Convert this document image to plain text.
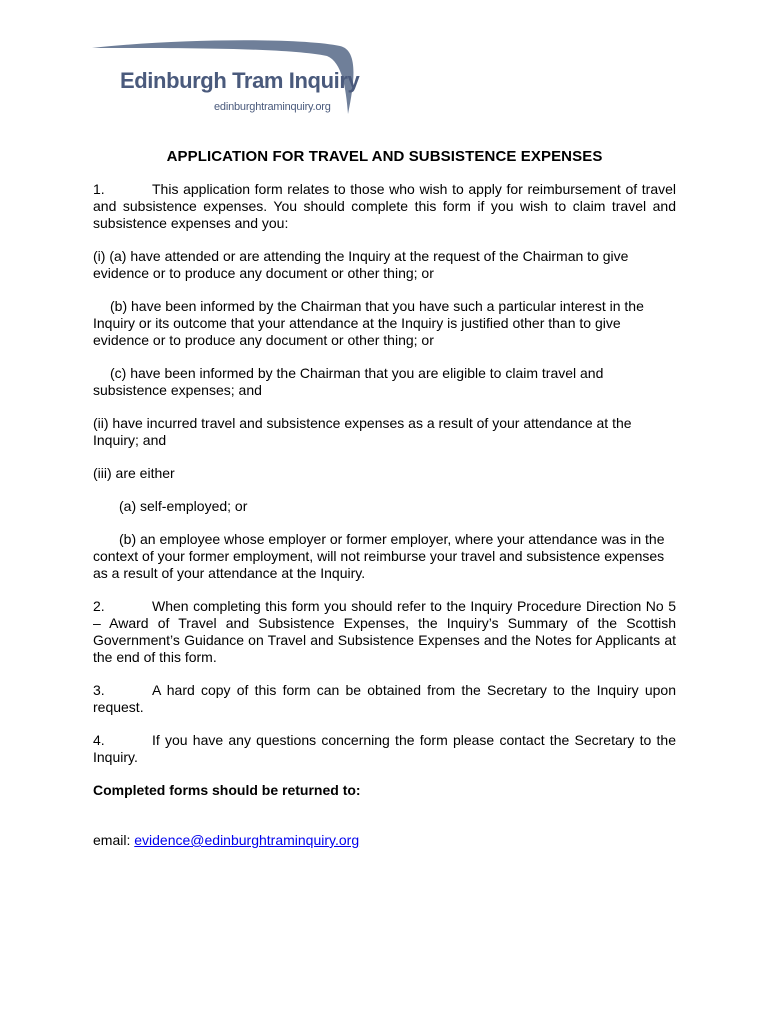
Edinburgh Tram Inquiry
edinburghtraminquiry.org
APPLICATION FOR TRAVEL AND SUBSISTENCE EXPENSES

1.	This application form relates to those who wish to apply for reimbursement of travel and subsistence expenses. You should complete this form if you wish to claim travel and subsistence expenses and you:

(i) (a) have attended or are attending the Inquiry at the request of the Chairman to give evidence or to produce any document or other thing; or

(b) have been informed by the Chairman that you have such a particular interest in the Inquiry or its outcome that your attendance at the Inquiry is justified other than to give evidence or to produce any document or other thing; or

(c) have been informed by the Chairman that you are eligible to claim travel and subsistence expenses; and

(ii) have incurred travel and subsistence expenses as a result of your attendance at the Inquiry; and

(iii) are either

(a) self-employed; or

(b) an employee whose employer or former employer, where your attendance was in the context of your former employment, will not reimburse your travel and subsistence expenses as a result of your attendance at the Inquiry.

2.	When completing this form you should refer to the Inquiry Procedure Direction No 5 – Award of Travel and Subsistence Expenses, the Inquiry’s Summary of the Scottish Government’s Guidance on Travel and Subsistence Expenses and the Notes for Applicants at the end of this form.

3.	A hard copy of this form can be obtained from the Secretary to the Inquiry upon request.

4.	If you have any questions concerning the form please contact the Secretary to the Inquiry.

Completed forms should be returned to:

email: evidence@edinburghtraminquiry.org
